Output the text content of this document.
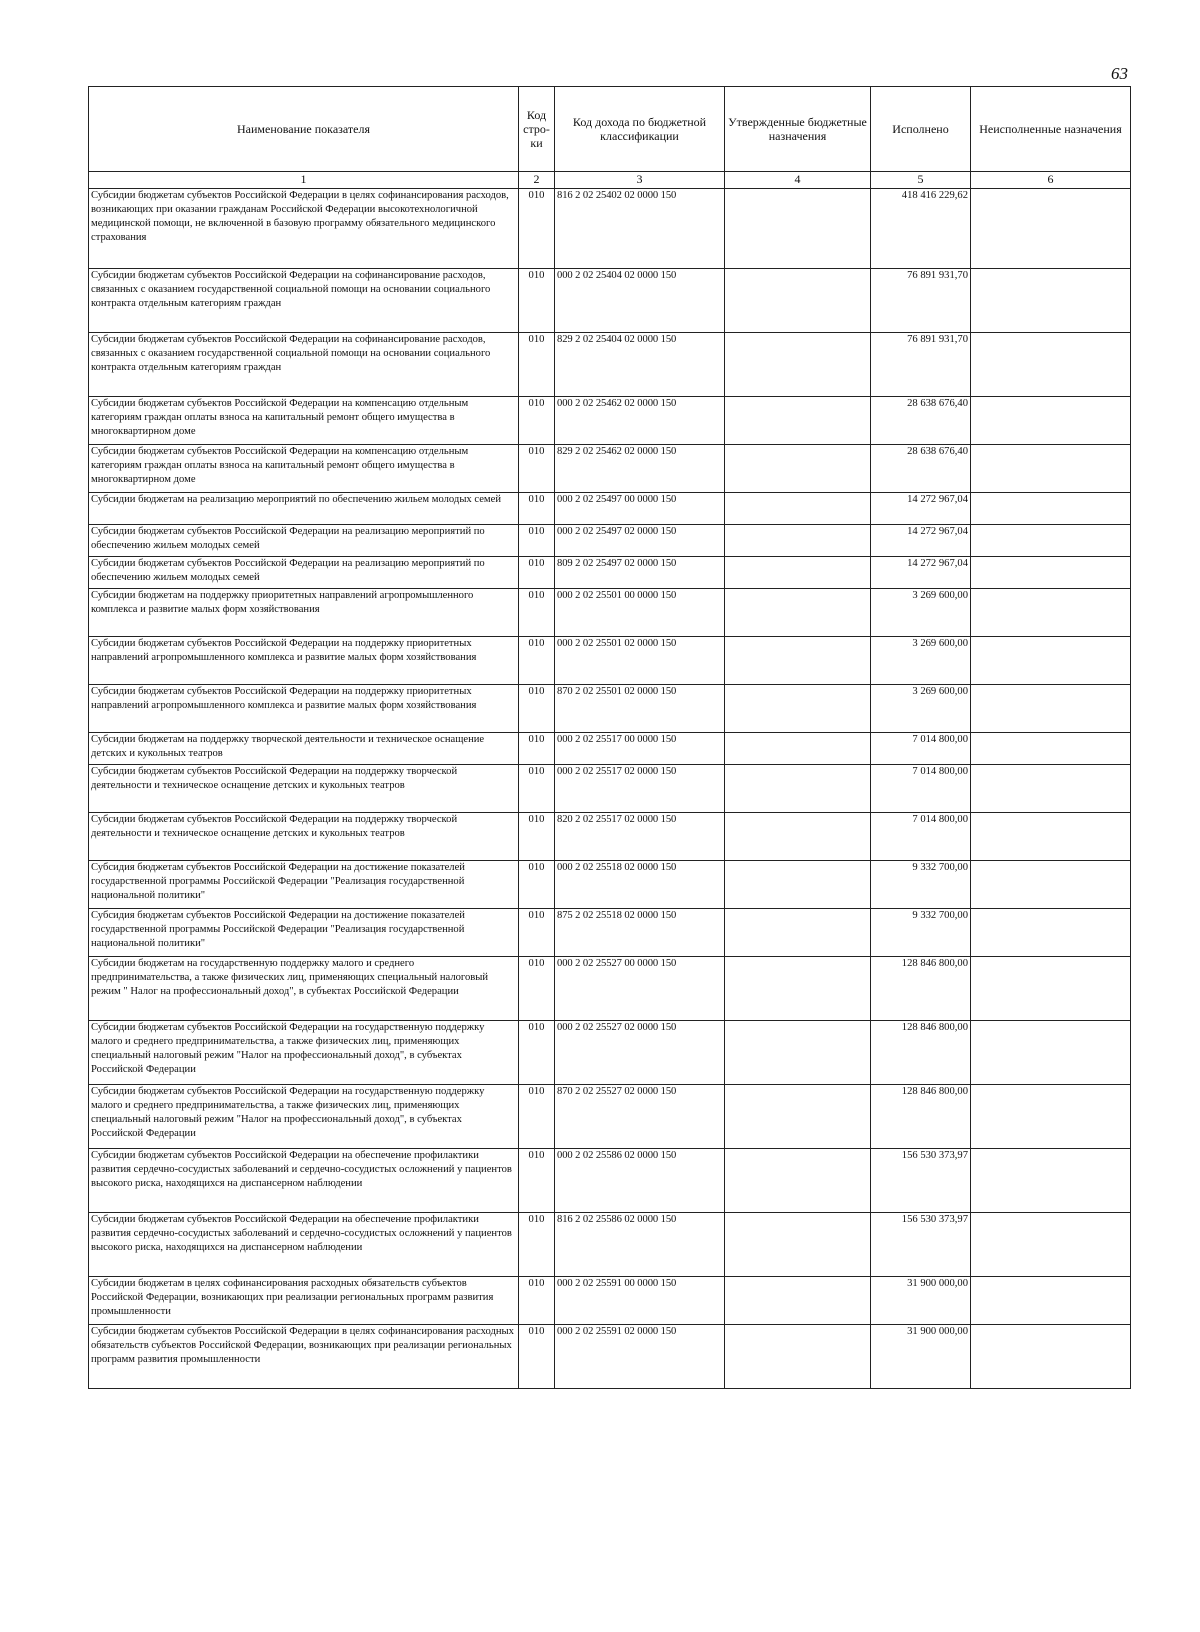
63
Наименование показателя	Код стро-ки	Код дохода по бюджетной классификации	Утвержденные бюджетные назначения	Исполнено	Неисполненные назначения
1	2	3	4	5	6
Субсидии бюджетам субъектов Российской Федерации в целях софинансирования расходов, возникающих при оказании гражданам Российской Федерации высокотехнологичной медицинской помощи, не включенной в базовую программу обязательного медицинского страхования	010	816 2 02 25402 02 0000 150		418 416 229,62	
Субсидии бюджетам субъектов Российской Федерации на софинансирование расходов, связанных с оказанием государственной социальной помощи на основании социального контракта отдельным категориям граждан	010	000 2 02 25404 02 0000 150		76 891 931,70	
Субсидии бюджетам субъектов Российской Федерации на софинансирование расходов, связанных с оказанием государственной социальной помощи на основании социального контракта отдельным категориям граждан	010	829 2 02 25404 02 0000 150		76 891 931,70	
Субсидии бюджетам субъектов Российской Федерации на компенсацию отдельным категориям граждан оплаты взноса на капитальный ремонт общего имущества в многоквартирном доме	010	000 2 02 25462 02 0000 150		28 638 676,40	
Субсидии бюджетам субъектов Российской Федерации на компенсацию отдельным категориям граждан оплаты взноса на капитальный ремонт общего имущества в многоквартирном доме	010	829 2 02 25462 02 0000 150		28 638 676,40	
Субсидии бюджетам на реализацию мероприятий по обеспечению жильем молодых семей	010	000 2 02 25497 00 0000 150		14 272 967,04	
Субсидии бюджетам субъектов Российской Федерации на реализацию мероприятий по обеспечению жильем молодых семей	010	000 2 02 25497 02 0000 150		14 272 967,04	
Субсидии бюджетам субъектов Российской Федерации на реализацию мероприятий по обеспечению жильем молодых семей	010	809 2 02 25497 02 0000 150		14 272 967,04	
Субсидии бюджетам на поддержку приоритетных направлений агропромышленного комплекса и развитие малых форм хозяйствования	010	000 2 02 25501 00 0000 150		3 269 600,00	
Субсидии бюджетам субъектов Российской Федерации на поддержку приоритетных направлений агропромышленного комплекса и развитие малых форм хозяйствования	010	000 2 02 25501 02 0000 150		3 269 600,00	
Субсидии бюджетам субъектов Российской Федерации на поддержку приоритетных направлений агропромышленного комплекса и развитие малых форм хозяйствования	010	870 2 02 25501 02 0000 150		3 269 600,00	
Субсидии бюджетам на поддержку творческой деятельности и техническое оснащение детских и кукольных театров	010	000 2 02 25517 00 0000 150		7 014 800,00	
Субсидии бюджетам субъектов Российской Федерации на поддержку творческой деятельности и техническое оснащение детских и кукольных театров	010	000 2 02 25517 02 0000 150		7 014 800,00	
Субсидии бюджетам субъектов Российской Федерации на поддержку творческой деятельности и техническое оснащение детских и кукольных театров	010	820 2 02 25517 02 0000 150		7 014 800,00	
Субсидия бюджетам субъектов Российской Федерации на достижение показателей государственной программы Российской Федерации "Реализация государственной национальной политики"	010	000 2 02 25518 02 0000 150		9 332 700,00	
Субсидия бюджетам субъектов Российской Федерации на достижение показателей государственной программы Российской Федерации "Реализация государственной национальной политики"	010	875 2 02 25518 02 0000 150		9 332 700,00	
Субсидии бюджетам на государственную поддержку малого и среднего предпринимательства, а также физических лиц, применяющих специальный налоговый режим " Налог на профессиональный доход", в субъектах Российской Федерации	010	000 2 02 25527 00 0000 150		128 846 800,00	
Субсидии бюджетам субъектов Российской Федерации на государственную поддержку малого и среднего предпринимательства, а также физических лиц, применяющих специальный налоговый режим "Налог на профессиональный доход", в субъектах Российской Федерации	010	000 2 02 25527 02 0000 150		128 846 800,00	
Субсидии бюджетам субъектов Российской Федерации на государственную поддержку малого и среднего предпринимательства, а также физических лиц, применяющих специальный налоговый режим "Налог на профессиональный доход", в субъектах Российской Федерации	010	870 2 02 25527 02 0000 150		128 846 800,00	
Субсидии бюджетам субъектов Российской Федерации на обеспечение профилактики развития сердечно-сосудистых заболеваний и сердечно-сосудистых осложнений у пациентов высокого риска, находящихся на диспансерном наблюдении	010	000 2 02 25586 02 0000 150		156 530 373,97	
Субсидии бюджетам субъектов Российской Федерации на обеспечение профилактики развития сердечно-сосудистых заболеваний и сердечно-сосудистых осложнений у пациентов высокого риска, находящихся на диспансерном наблюдении	010	816 2 02 25586 02 0000 150		156 530 373,97	
Субсидии бюджетам в целях софинансирования расходных обязательств субъектов Российской Федерации, возникающих при реализации региональных программ развития промышленности	010	000 2 02 25591 00 0000 150		31 900 000,00	
Субсидии бюджетам субъектов Российской Федерации в целях софинансирования расходных обязательств субъектов Российской Федерации, возникающих при реализации региональных программ развития промышленности	010	000 2 02 25591 02 0000 150		31 900 000,00	
